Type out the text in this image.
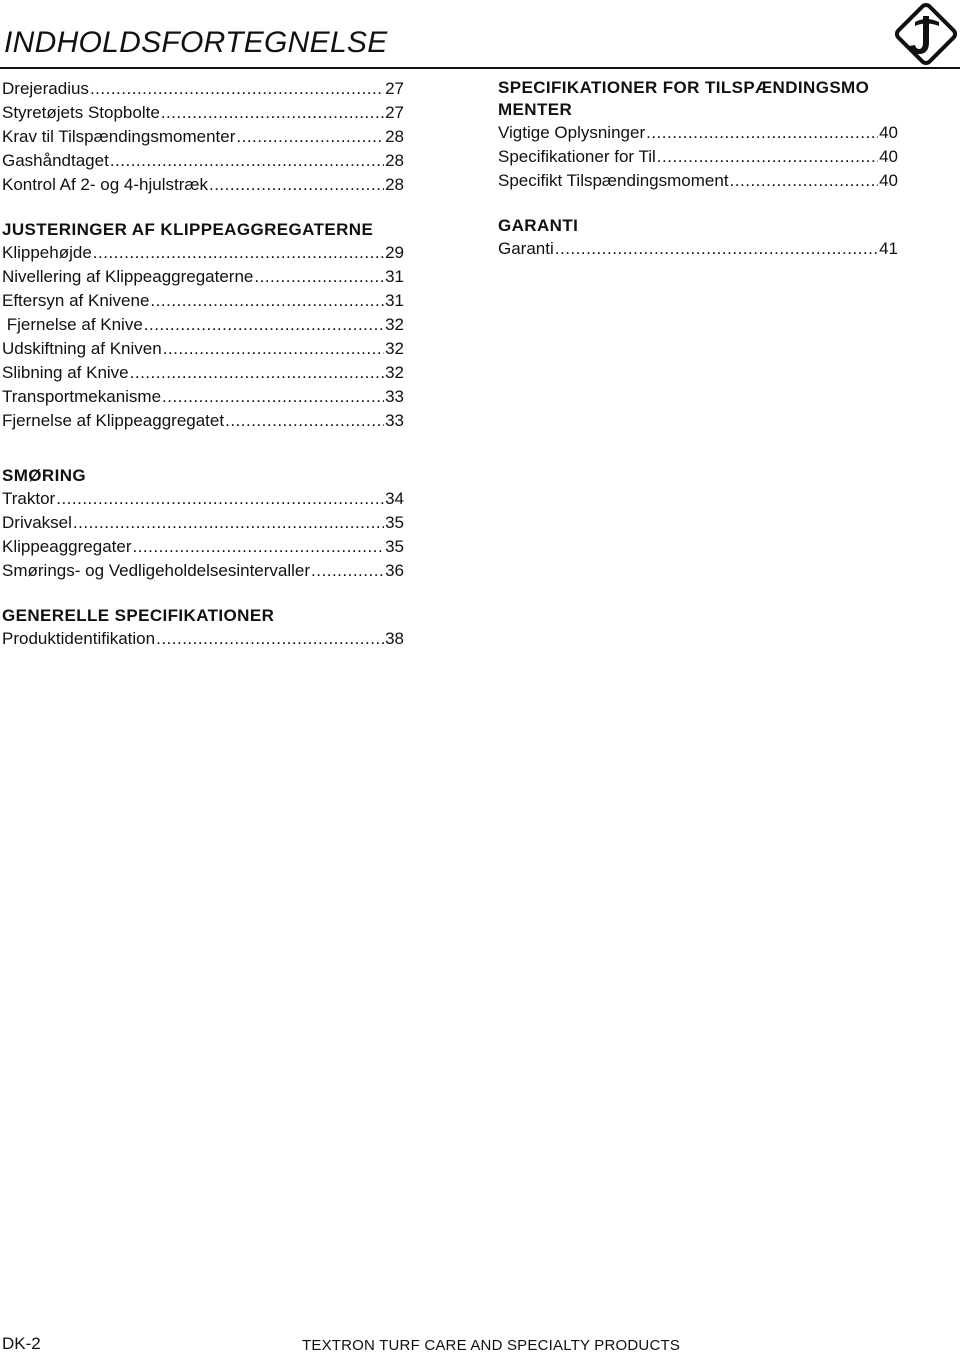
INDHOLDSFORTEGNELSE
Drejeradius .....	27
Styretøjets Stopbolte .....	27
Krav til Tilspændingsmomenter .....	28
Gashåndtaget .....	28
Kontrol Af 2- og 4-hjulstræk .....	28
JUSTERINGER AF KLIPPEAGGREGATERNE
Klippehøjde .....	29
Nivellering af Klippeaggregaterne .....	31
Eftersyn af Knivene .....	31
Fjernelse af Knive .....	32
Udskiftning af Kniven .....	32
Slibning af Knive .....	32
Transportmekanisme .....	33
Fjernelse af Klippeaggregatet .....	33
SMØRING
Traktor .....	34
Drivaksel .....	35
Klippeaggregater .....	35
Smørings- og Vedligeholdelsesintervaller .....	36
GENERELLE SPECIFIKATIONER
Produktidentifikation .....	38
SPECIFIKATIONER FOR TILSPÆNDINGSMO
MENTER
Vigtige Oplysninger .....	40
Specifikationer for Til .....	40
Specifikt Tilspændingsmoment .....	40
GARANTI
Garanti .....	41
DK-2	TEXTRON TURF CARE AND SPECIALTY PRODUCTS
